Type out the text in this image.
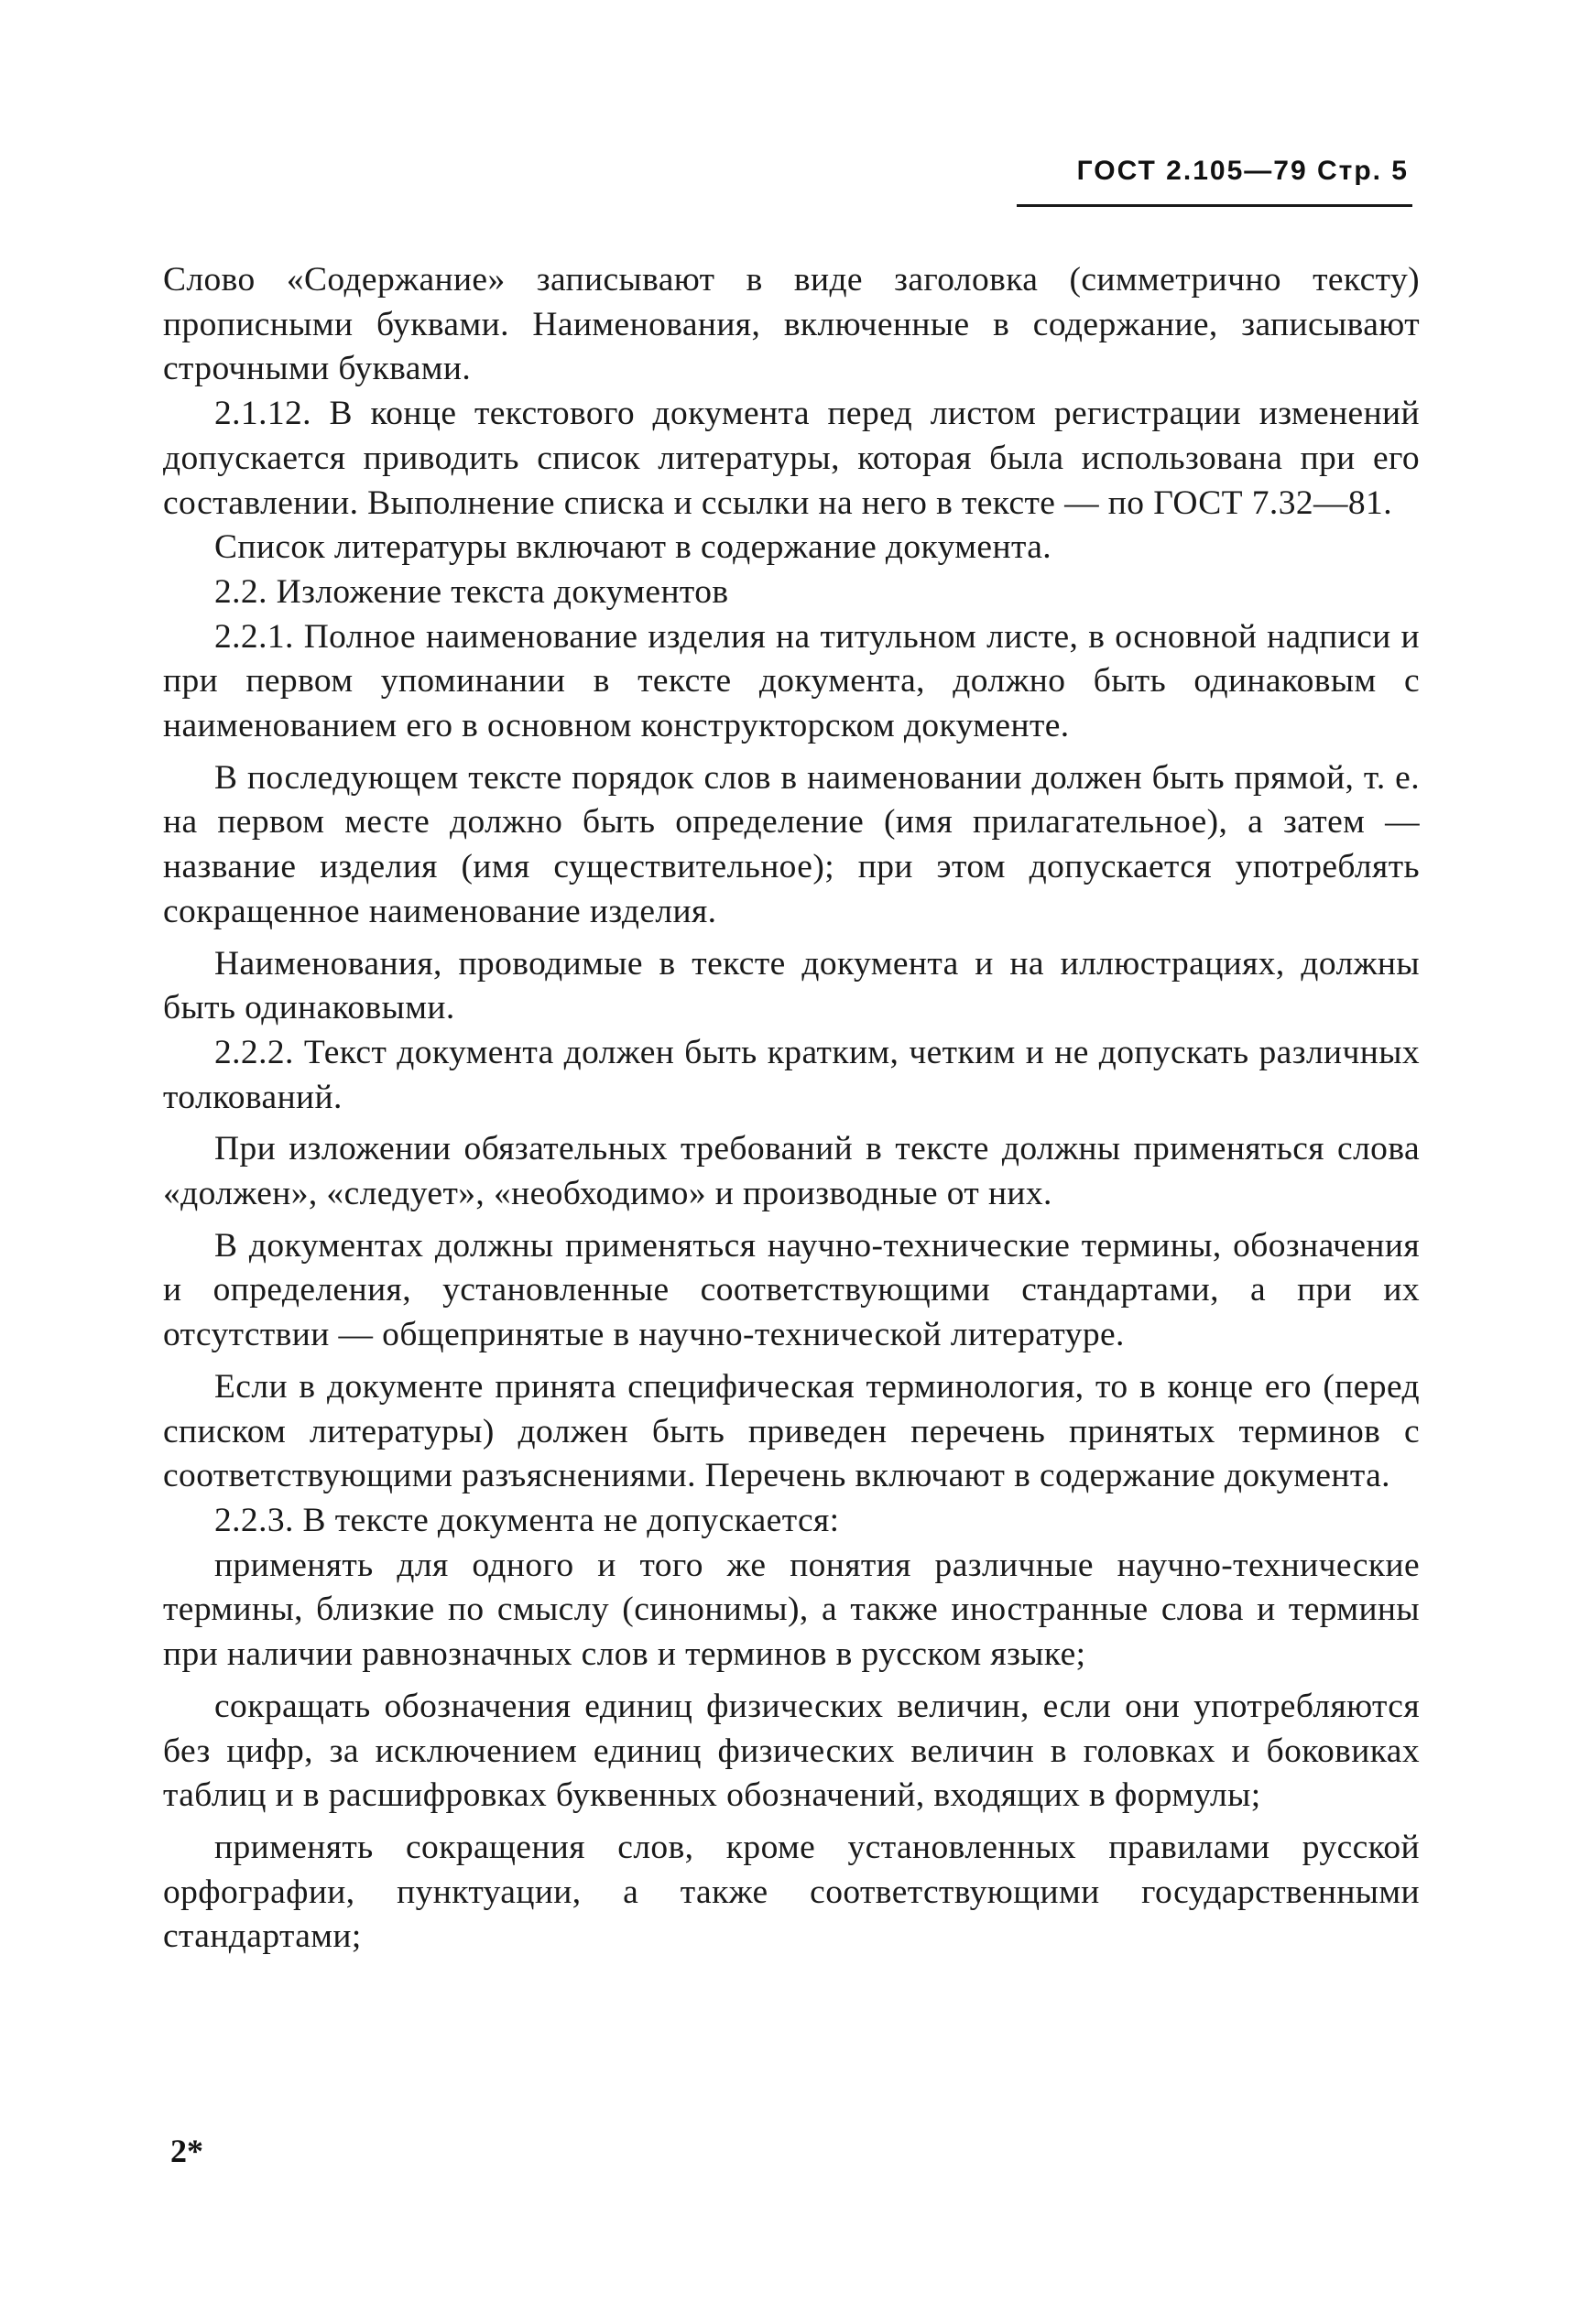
ГОСТ 2.105—79 Стр. 5

Слово «Содержание» записывают в виде заголовка (симметрично тексту) прописными буквами. Наименования, включенные в содержание, записывают строчными буквами.

2.1.12. В конце текстового документа перед листом регистрации изменений допускается приводить список литературы, которая была использована при его составлении. Выполнение списка и ссылки на него в тексте — по ГОСТ 7.32—81.

Список литературы включают в содержание документа.

2.2. Изложение текста документов

2.2.1. Полное наименование изделия на титульном листе, в основной надписи и при первом упоминании в тексте документа, должно быть одинаковым с наименованием его в основном конструкторском документе.

В последующем тексте порядок слов в наименовании должен быть прямой, т. е. на первом месте должно быть определение (имя прилагательное), а затем — название изделия (имя существительное); при этом допускается употреблять сокращенное наименование изделия.

Наименования, проводимые в тексте документа и на иллюстрациях, должны быть одинаковыми.

2.2.2. Текст документа должен быть кратким, четким и не допускать различных толкований.

При изложении обязательных требований в тексте должны применяться слова «должен», «следует», «необходимо» и производные от них.

В документах должны применяться научно-технические термины, обозначения и определения, установленные соответствующими стандартами, а при их отсутствии — общепринятые в научно-технической литературе.

Если в документе принята специфическая терминология, то в конце его (перед списком литературы) должен быть приведен перечень принятых терминов с соответствующими разъяснениями. Перечень включают в содержание документа.

2.2.3. В тексте документа не допускается:

применять для одного и того же понятия различные научно-технические термины, близкие по смыслу (синонимы), а также иностранные слова и термины при наличии равнозначных слов и терминов в русском языке;

сокращать обозначения единиц физических величин, если они употребляются без цифр, за исключением единиц физических величин в головках и боковиках таблиц и в расшифровках буквенных обозначений, входящих в формулы;

применять сокращения слов, кроме установленных правилами русской орфографии, пунктуации, а также соответствующими государственными стандартами;

2*
